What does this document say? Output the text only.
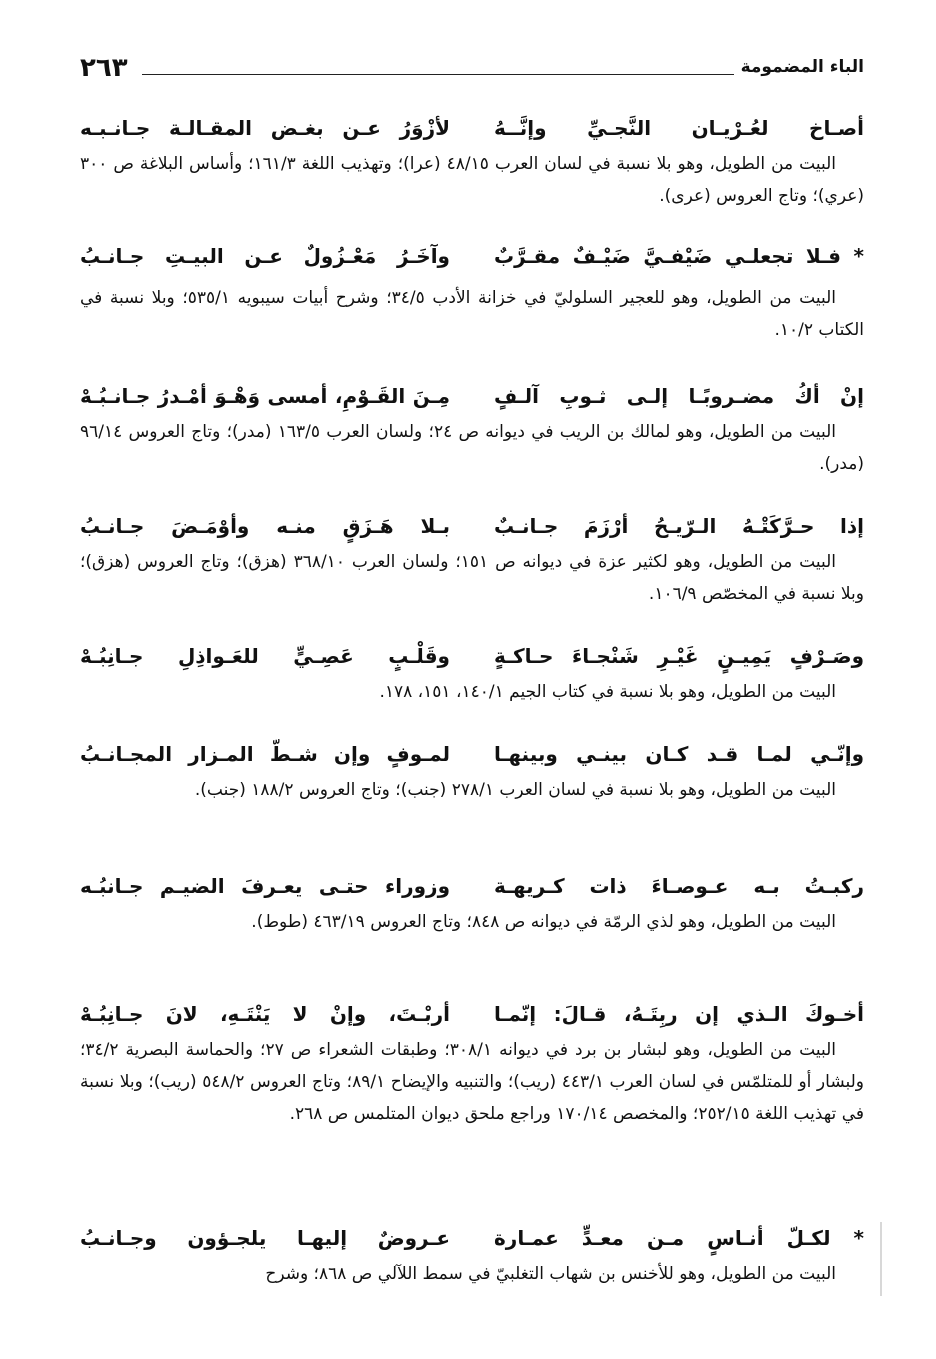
٢٦٣	الباء المضمومة
أصـاخ لعُـرْيـان النَّجـيِّ وإنَّــهُ
لأزْوَرُ عـن بغـض المقـالـة جـانـبـه
البيت من الطويل، وهو بلا نسبة في لسان العرب ٤٨/١٥ (عرا)؛ وتهذيب اللغة ١٦١/٣؛ وأساس البلاغة ص ٣٠٠ (عري)؛ وتاج العروس (عرى).
* فـلا تجعلـي ضَيْفـيَّ ضَيْـفٌ مقـرَّبٌ
وآخَـرُ مَعْـزُولٌ عـن البيـتِ جـانـبُ
البيت من الطويل، وهو للعجير السلوليّ في خزانة الأدب ٣٤/٥؛ وشرح أبيات سيبويه ٥٣٥/١؛ وبلا نسبة في الكتاب ١٠/٢.
إنْ أكُ مضـروبًـا إلـى ثـوبِ آلـفٍ
مِـنَ القَـوْمِ، أمسى وَهْـوَ أمْـدرُ جـانـبُـهْ
البيت من الطويل، وهو لمالك بن الريب في ديوانه ص ٢٤؛ ولسان العرب ١٦٣/٥ (مدر)؛ وتاج العروس ٩٦/١٤ (مدر).
إذا حـرَّكَتْـهُ الـرّيـحُ أرْزَمَ جـانـبٌ
بـلا هَـزَقٍ منـه وأوْمَـضَ جـانـبُ
البيت من الطويل، وهو لكثير عزة في ديوانه ص ١٥١؛ ولسان العرب ٣٦٨/١٠ (هزق)؛ وتاج العروس (هزق)؛ وبلا نسبة في المخصّص ١٠٦/٩.
وصَـرْفٍ يَمِيـنٍ غَيْـرِ شَنْجـاءَ حـاكـةٍ
وقَلْـبٍ عَصِـيٍّ للعَـواذِلِ جـانِبُـهْ
البيت من الطويل، وهو بلا نسبة في كتاب الجيم ١٤٠/١، ١٥١، ١٧٨.
وإنّـي لمـا قـد كـان بينـي وبينهـا
لمـوفٍ وإن شـطّ المـزار المجـانـبُ
البيت من الطويل، وهو بلا نسبة في لسان العرب ٢٧٨/١ (جنب)؛ وتاج العروس ١٨٨/٢ (جنب).
ركبـتُ بـه عـوصـاءَ ذات كـريهـة
وزوراء حتـى يعـرفَ الضيـم جـانبُـه
البيت من الطويل، وهو لذي الرمّة في ديوانه ص ٨٤٨؛ وتاج العروس ٤٦٣/١٩ (طوط).
أخـوكَ الـذي إن ربِتَـهُ، قـالَ: إنّمـا
أربْـتَ، وإنْ لا يَنْتَـهِ، لانَ جـانِبُـهْ
البيت من الطويل، وهو لبشار بن برد في ديوانه ٣٠٨/١؛ وطبقات الشعراء ص ٢٧؛ والحماسة البصرية ٣٤/٢؛ ولبشار أو للمتلمّس في لسان العرب ٤٤٣/١ (ريب)؛ والتنبيه والإيضاح ٨٩/١؛ وتاج العروس ٥٤٨/٢ (ريب)؛ وبلا نسبة في تهذيب اللغة ٢٥٢/١٥؛ والمخصص ١٧٠/١٤ وراجع ملحق ديوان المتلمس ص ٢٦٨.
* لكـلّ أنـاسٍ مـن معـدٍّ عمـارة
عـروضٌ إليهـا يلجـؤون وجـانـبُ
البيت من الطويل، وهو للأخنس بن شهاب التغلبيّ في سمط اللآلي ص ٨٦٨؛ وشرح
